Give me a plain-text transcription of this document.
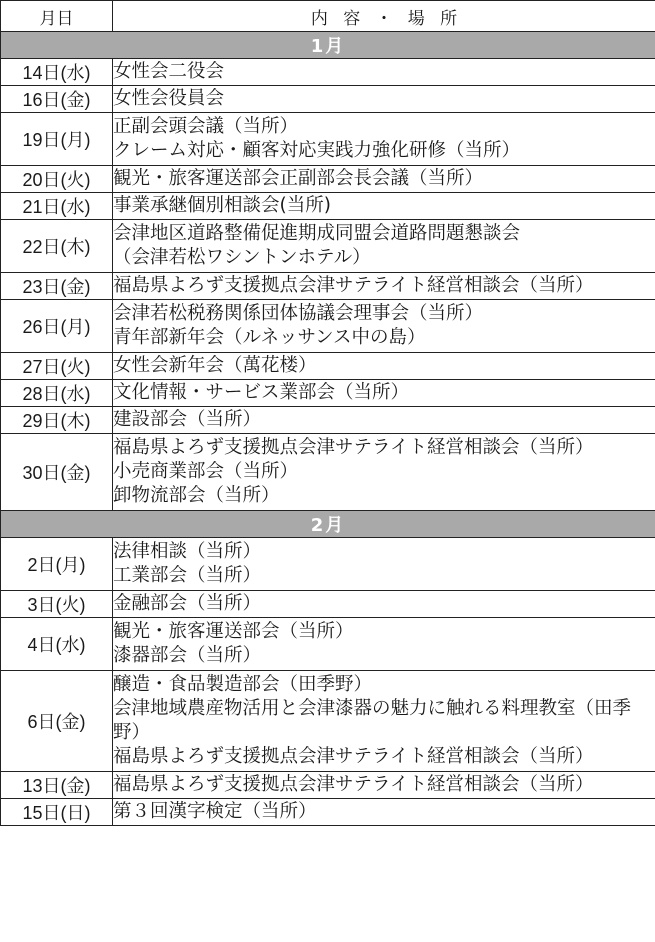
月日	内容・場所
1月	
14日(水)	女性会二役会

16日(金)	女性会役員会

19日(月)	正副会頭会議（当所）
クレーム対応・顧客対応実践力強化研修（当所）

20日(火)	観光・旅客運送部会正副部会長会議（当所）

21日(水)	事業承継個別相談会(当所)

22日(木)	会津地区道路整備促進期成同盟会道路問題懇談会
（会津若松ワシントンホテル）

23日(金)	福島県よろず支援拠点会津サテライト経営相談会（当所）

26日(月)	会津若松税務関係団体協議会理事会（当所）
青年部新年会（ルネッサンス中の島）

27日(火)	女性会新年会（萬花楼）

28日(水)	文化情報・サービス業部会（当所）

29日(木)	建設部会（当所）

30日(金)	福島県よろず支援拠点会津サテライト経営相談会（当所）
小売商業部会（当所）
卸物流部会（当所）

2月	
2日(月)	法律相談（当所）
工業部会（当所）

3日(火)	金融部会（当所）

4日(水)	観光・旅客運送部会（当所）
漆器部会（当所）

6日(金)	醸造・食品製造部会（田季野）
会津地域農産物活用と会津漆器の魅力に触れる料理教室（田季野）
福島県よろず支援拠点会津サテライト経営相談会（当所）

13日(金)	福島県よろず支援拠点会津サテライト経営相談会（当所）

15日(日)	第３回漢字検定（当所）
